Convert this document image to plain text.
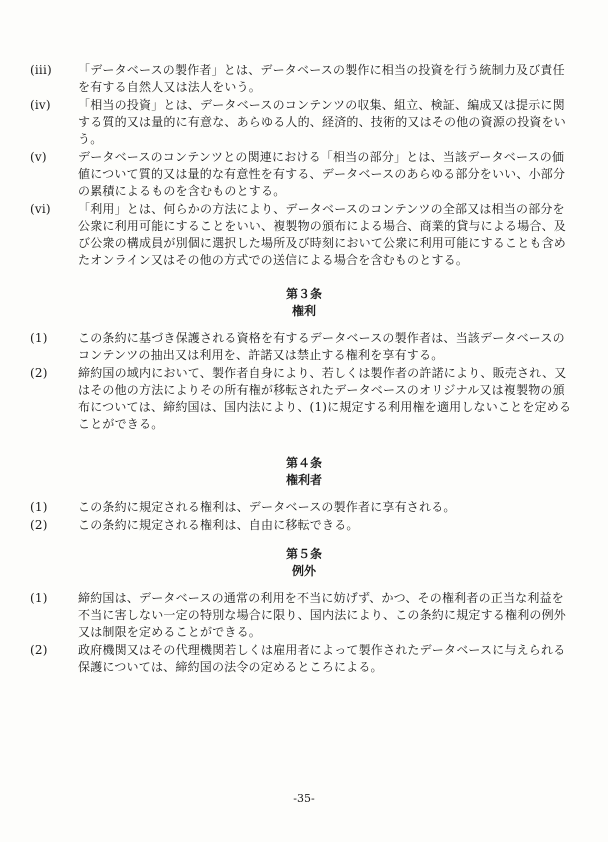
(iii)	「データベースの製作者」とは、データベースの製作に相当の投資を行う統制力及び責任を有する自然人又は法人をいう。
(iv)	「相当の投資」とは、データベースのコンテンツの収集、組立、検証、編成又は提示に関する質的又は量的に有意な、あらゆる人的、経済的、技術的又はその他の資源の投資をいう。
(v)	データベースのコンテンツとの関連における「相当の部分」とは、当該データベースの価値について質的又は量的な有意性を有する、データベースのあらゆる部分をいい、小部分の累積によるものを含むものとする。
(vi)	「利用」とは、何らかの方法により、データベースのコンテンツの全部又は相当の部分を公衆に利用可能にすることをいい、複製物の頒布による場合、商業的貸与による場合、及び公衆の構成員が別個に選択した場所及び時刻において公衆に利用可能にすることも含めたオンライン又はその他の方式での送信による場合を含むものとする。
第３条
権利
(1)	この条約に基づき保護される資格を有するデータベースの製作者は、当該データベースのコンテンツの抽出又は利用を、許諾又は禁止する権利を享有する。
(2)	締約国の域内において、製作者自身により、若しくは製作者の許諾により、販売され、又はその他の方法によりその所有権が移転されたデータベースのオリジナル又は複製物の頒布については、締約国は、国内法により、(1)に規定する利用権を適用しないことを定めることができる。
第４条
権利者
(1)	この条約に規定される権利は、データベースの製作者に享有される。
(2)	この条約に規定される権利は、自由に移転できる。
第５条
例外
(1)	締約国は、データベースの通常の利用を不当に妨げず、かつ、その権利者の正当な利益を不当に害しない一定の特別な場合に限り、国内法により、この条約に規定する権利の例外又は制限を定めることができる。
(2)	政府機関又はその代理機関若しくは雇用者によって製作されたデータベースに与えられる保護については、締約国の法令の定めるところによる。
-35-
